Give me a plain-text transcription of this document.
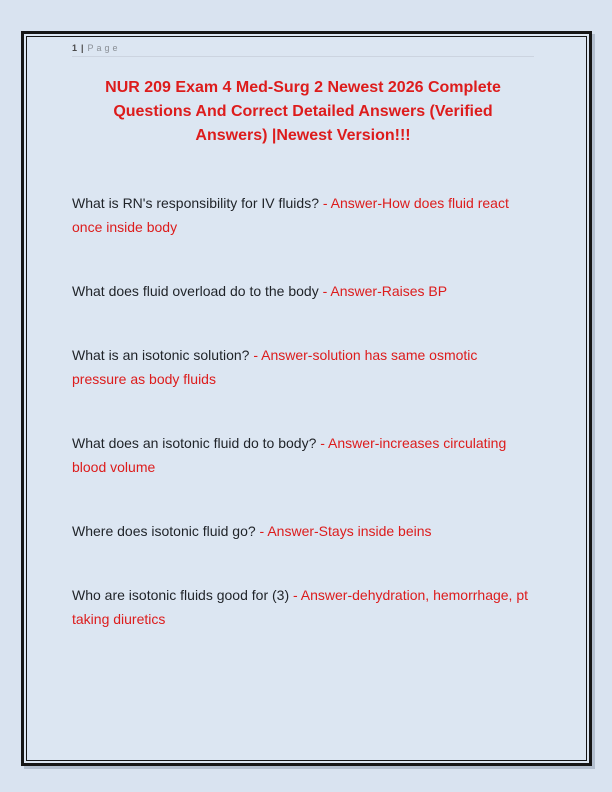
1 | Page
NUR 209 Exam 4 Med-Surg 2 Newest 2026 Complete Questions And Correct Detailed Answers (Verified Answers) |Newest Version!!!

What is RN's responsibility for IV fluids? - Answer-How does fluid react once inside body

What does fluid overload do to the body - Answer-Raises BP

What is an isotonic solution? - Answer-solution has same osmotic pressure as body fluids

What does an isotonic fluid do to body? - Answer-increases circulating blood volume

Where does isotonic fluid go? - Answer-Stays inside beins

Who are isotonic fluids good for (3) - Answer-dehydration, hemorrhage, pt taking diuretics
